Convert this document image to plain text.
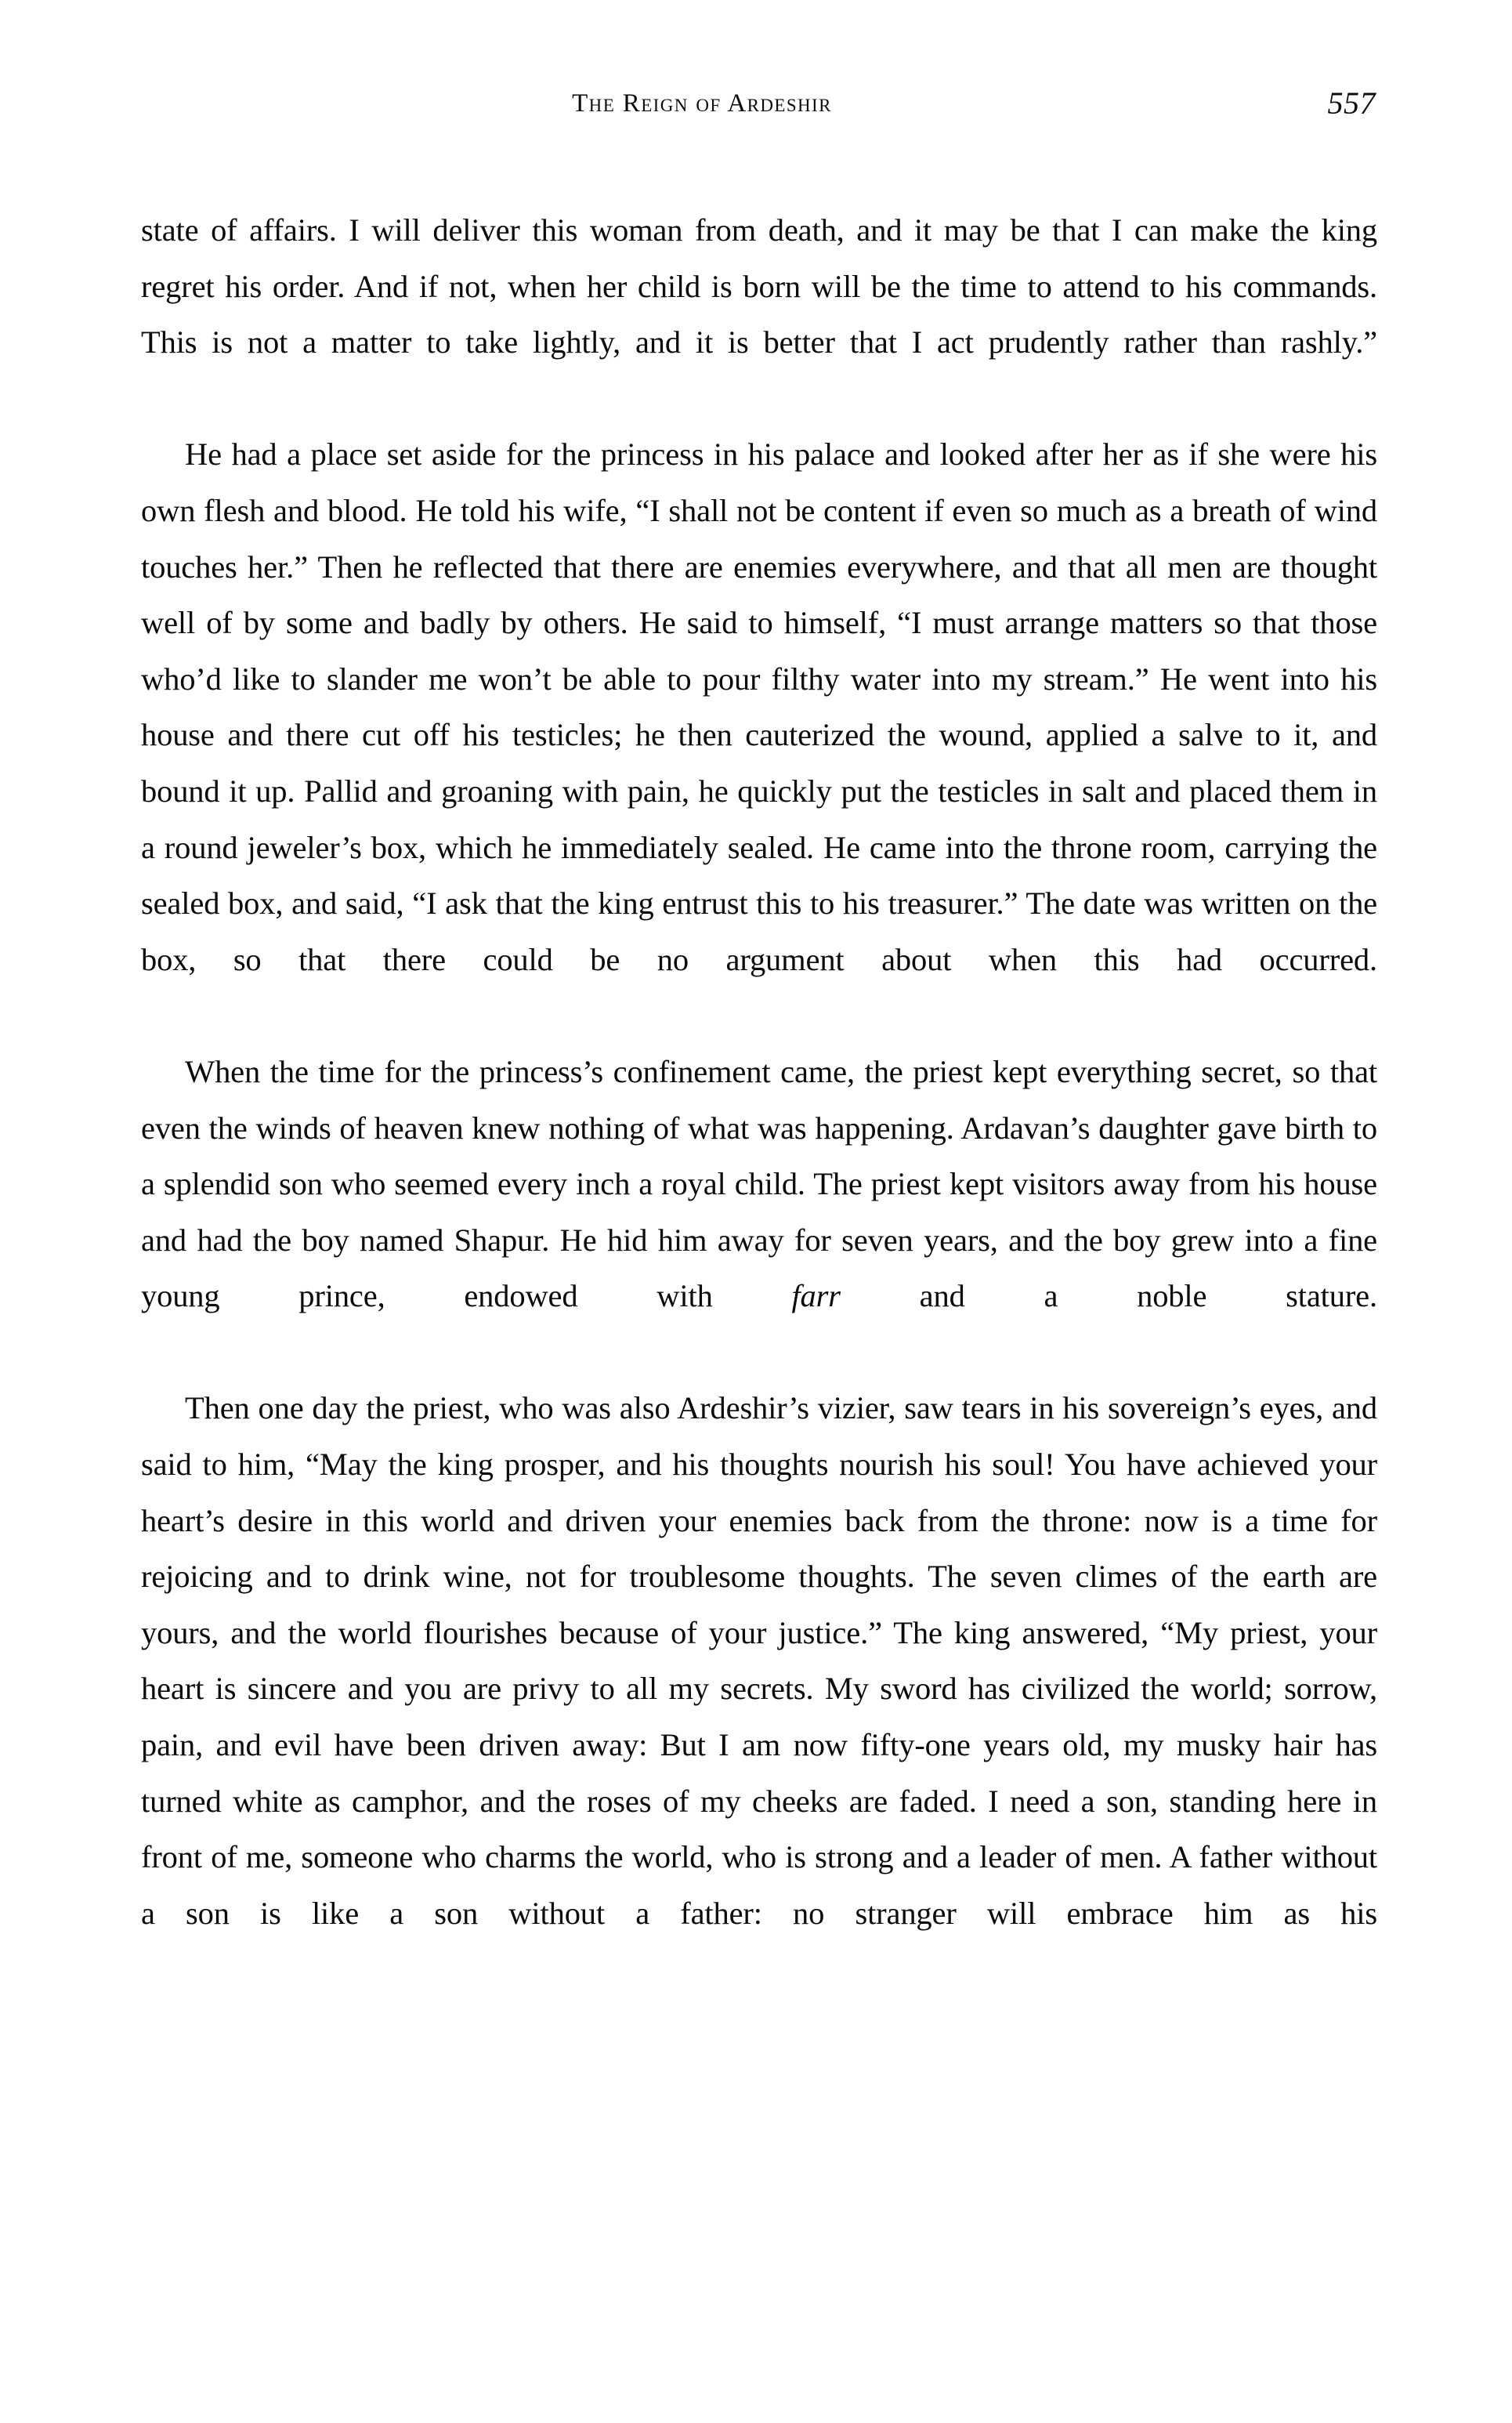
The Reign of Ardeshir	557

state of affairs. I will deliver this woman from death, and it may be that I can make the king regret his order. And if not, when her child is born will be the time to attend to his commands. This is not a matter to take lightly, and it is better that I act prudently rather than rashly.”

He had a place set aside for the princess in his palace and looked after her as if she were his own flesh and blood. He told his wife, “I shall not be content if even so much as a breath of wind touches her.” Then he reflected that there are enemies everywhere, and that all men are thought well of by some and badly by others. He said to himself, “I must arrange matters so that those who’d like to slander me won’t be able to pour filthy water into my stream.” He went into his house and there cut off his testicles; he then cauterized the wound, applied a salve to it, and bound it up. Pallid and groaning with pain, he quickly put the testicles in salt and placed them in a round jeweler’s box, which he immediately sealed. He came into the throne room, carrying the sealed box, and said, “I ask that the king entrust this to his treasurer.” The date was written on the box, so that there could be no argument about when this had occurred.

When the time for the princess’s confinement came, the priest kept everything secret, so that even the winds of heaven knew nothing of what was happening. Ardavan’s daughter gave birth to a splendid son who seemed every inch a royal child. The priest kept visitors away from his house and had the boy named Shapur. He hid him away for seven years, and the boy grew into a fine young prince, endowed with farr and a noble stature.

Then one day the priest, who was also Ardeshir’s vizier, saw tears in his sovereign’s eyes, and said to him, “May the king prosper, and his thoughts nourish his soul! You have achieved your heart’s desire in this world and driven your enemies back from the throne: now is a time for rejoicing and to drink wine, not for troublesome thoughts. The seven climes of the earth are yours, and the world flourishes because of your justice.” The king answered, “My priest, your heart is sincere and you are privy to all my secrets. My sword has civilized the world; sorrow, pain, and evil have been driven away: But I am now fifty-one years old, my musky hair has turned white as camphor, and the roses of my cheeks are faded. I need a son, standing here in front of me, someone who charms the world, who is strong and a leader of men. A father without a son is like a son without a father: no stranger will embrace him as his
